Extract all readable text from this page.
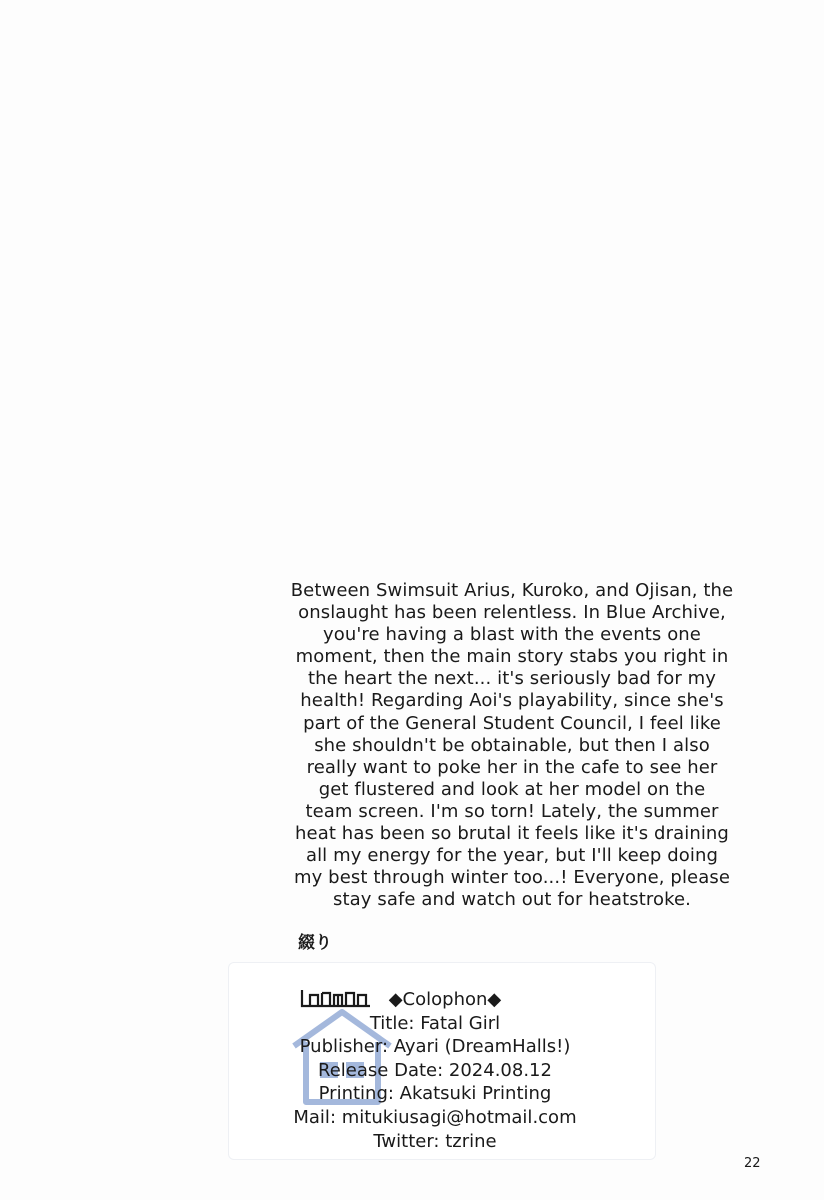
Between Swimsuit Arius, Kuroko, and Ojisan, the
onslaught has been relentless. In Blue Archive,
you're having a blast with the events one
moment, then the main story stabs you right in
the heart the next... it's seriously bad for my
health! Regarding Aoi's playability, since she's
part of the General Student Council, I feel like
she shouldn't be obtainable, but then I also
really want to poke her in the cafe to see her
get flustered and look at her model on the
team screen. I'm so torn! Lately, the summer
heat has been so brutal it feels like it's draining
all my energy for the year, but I'll keep doing
my best through winter too...! Everyone, please
stay safe and watch out for heatstroke.
綴り
◆Colophon◆
Title: Fatal Girl
Publisher: Ayari (DreamHalls!)
Release Date: 2024.08.12
Printing: Akatsuki Printing
Mail: mitukiusagi@hotmail.com
Twitter: tzrine
22
